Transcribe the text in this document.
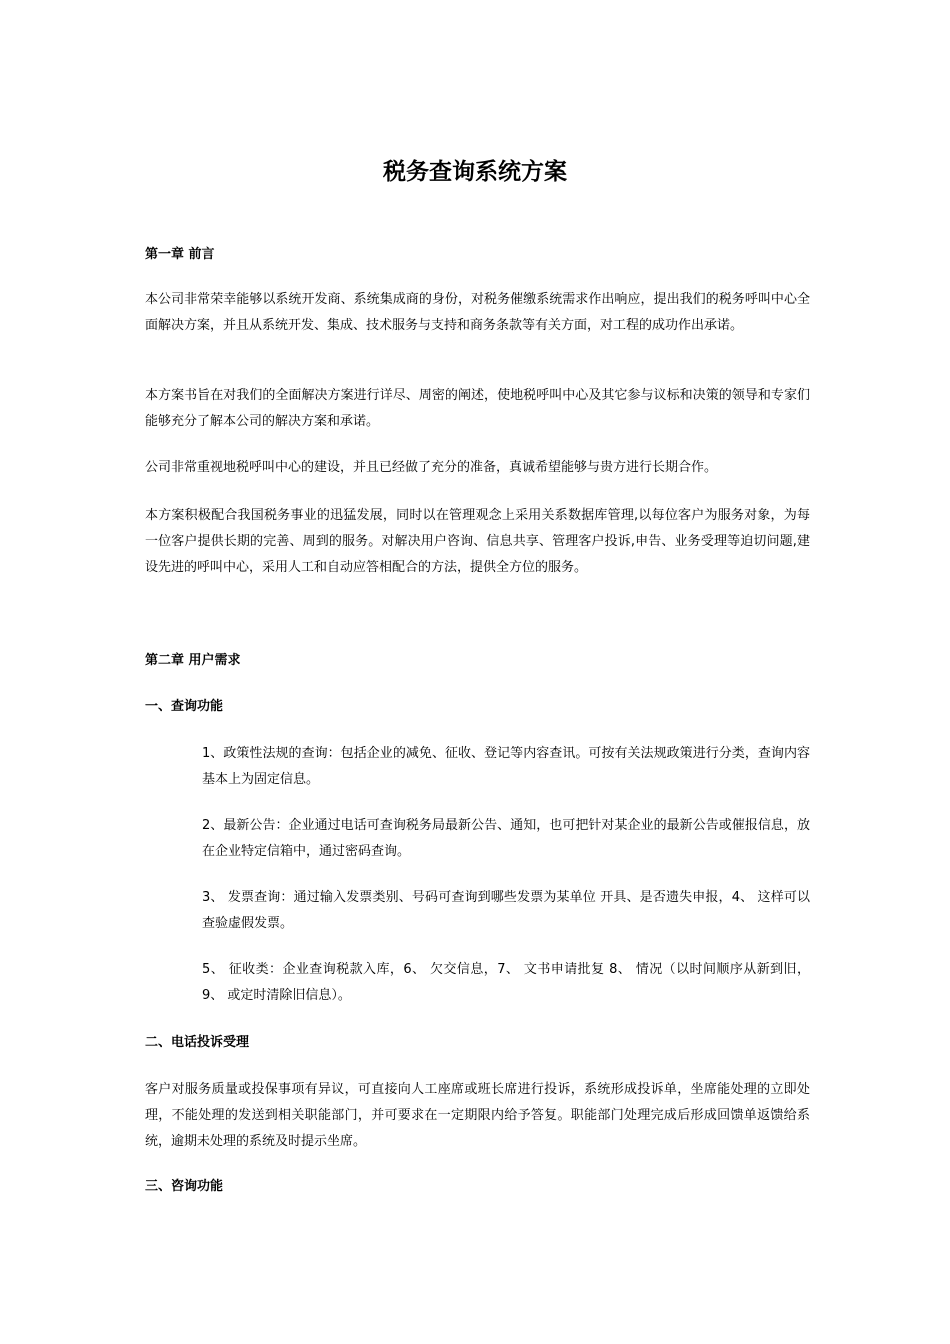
税务查询系统方案
第一章 前言

本公司非常荣幸能够以系统开发商、系统集成商的身份，对税务催缴系统需求作出响应，提出我们的税务呼叫中心全面解决方案，并且从系统开发、集成、技术服务与支持和商务条款等有关方面，对工程的成功作出承诺。

本方案书旨在对我们的全面解决方案进行详尽、周密的阐述，使地税呼叫中心及其它参与议标和决策的领导和专家们能够充分了解本公司的解决方案和承诺。

公司非常重视地税呼叫中心的建设，并且已经做了充分的准备，真诚希望能够与贵方进行长期合作。

本方案积极配合我国税务事业的迅猛发展，同时以在管理观念上采用关系数据库管理,以每位客户为服务对象，为每一位客户提供长期的完善、周到的服务。对解决用户咨询、信息共享、管理客户投诉,申告、业务受理等迫切问题,建设先进的呼叫中心，采用人工和自动应答相配合的方法，提供全方位的服务。

第二章 用户需求
一、查询功能

1、政策性法规的查询：包括企业的减免、征收、登记等内容查讯。可按有关法规政策进行分类，查询内容基本上为固定信息。

2、最新公告：企业通过电话可查询税务局最新公告、通知，也可把针对某企业的最新公告或催报信息，放在企业特定信箱中，通过密码查询。

3、 发票查询：通过输入发票类别、号码可查询到哪些发票为某单位 开具、是否遗失申报，4、 这样可以查验虚假发票。

5、 征收类：企业查询税款入库，6、 欠交信息，7、 文书申请批复 8、 情况（以时间顺序从新到旧，9、 或定时清除旧信息）。

二、电话投诉受理

客户对服务质量或投保事项有异议，可直接向人工座席或班长席进行投诉，系统形成投诉单，坐席能处理的立即处理，不能处理的发送到相关职能部门，并可要求在一定期限内给予答复。职能部门处理完成后形成回馈单返馈给系统，逾期未处理的系统及时提示坐席。

三、咨询功能
